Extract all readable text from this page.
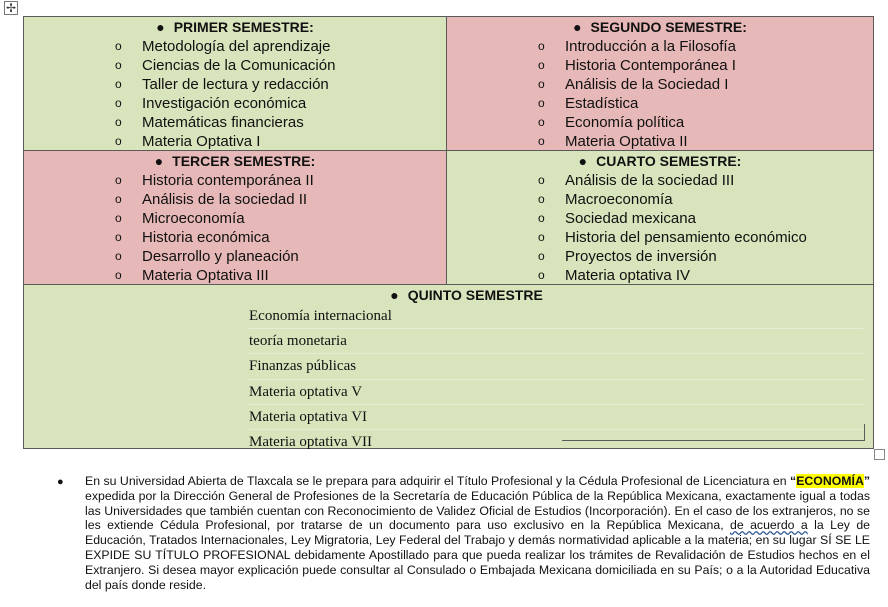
✢
● PRIMER SEMESTRE:
o Metodología del aprendizaje
o Ciencias de la Comunicación
o Taller de lectura y redacción
o Investigación económica
o Matemáticas financieras
o Materia Optativa I
● SEGUNDO SEMESTRE:
o Introducción a la Filosofía
o Historia Contemporánea I
o Análisis de la Sociedad I
o Estadística
o Economía política
o Materia Optativa II
● TERCER SEMESTRE:
o Historia contemporánea II
o Análisis de la sociedad II
o Microeconomía
o Historia económica
o Desarrollo y planeación
o Materia Optativa III
● CUARTO SEMESTRE:
o Análisis de la sociedad III
o Macroeconomía
o Sociedad mexicana
o Historia del pensamiento económico
o Proyectos de inversión
o Materia optativa IV
● QUINTO SEMESTRE
Economía internacional
teoría monetaria
Finanzas públicas
Materia optativa V
Materia optativa VI
Materia optativa VII
● En su Universidad Abierta de Tlaxcala se le prepara para adquirir el Título Profesional y la Cédula Profesional de Licenciatura en “ECONOMÍA” expedida por la Dirección General de Profesiones de la Secretaría de Educación Pública de la República Mexicana, exactamente igual a todas las Universidades que también cuentan con Reconocimiento de Validez Oficial de Estudios (Incorporación). En el caso de los extranjeros, no se les extiende Cédula Profesional, por tratarse de un documento para uso exclusivo en la República Mexicana, de acuerdo a la Ley de Educación, Tratados Internacionales, Ley Migratoria, Ley Federal del Trabajo y demás normatividad aplicable a la materia; en su lugar SÍ SE LE EXPIDE SU TÍTULO PROFESIONAL debidamente Apostillado para que pueda realizar los trámites de Revalidación de Estudios hechos en el Extranjero. Si desea mayor explicación puede consultar al Consulado o Embajada Mexicana domiciliada en su País; o a la Autoridad Educativa del país donde reside.
